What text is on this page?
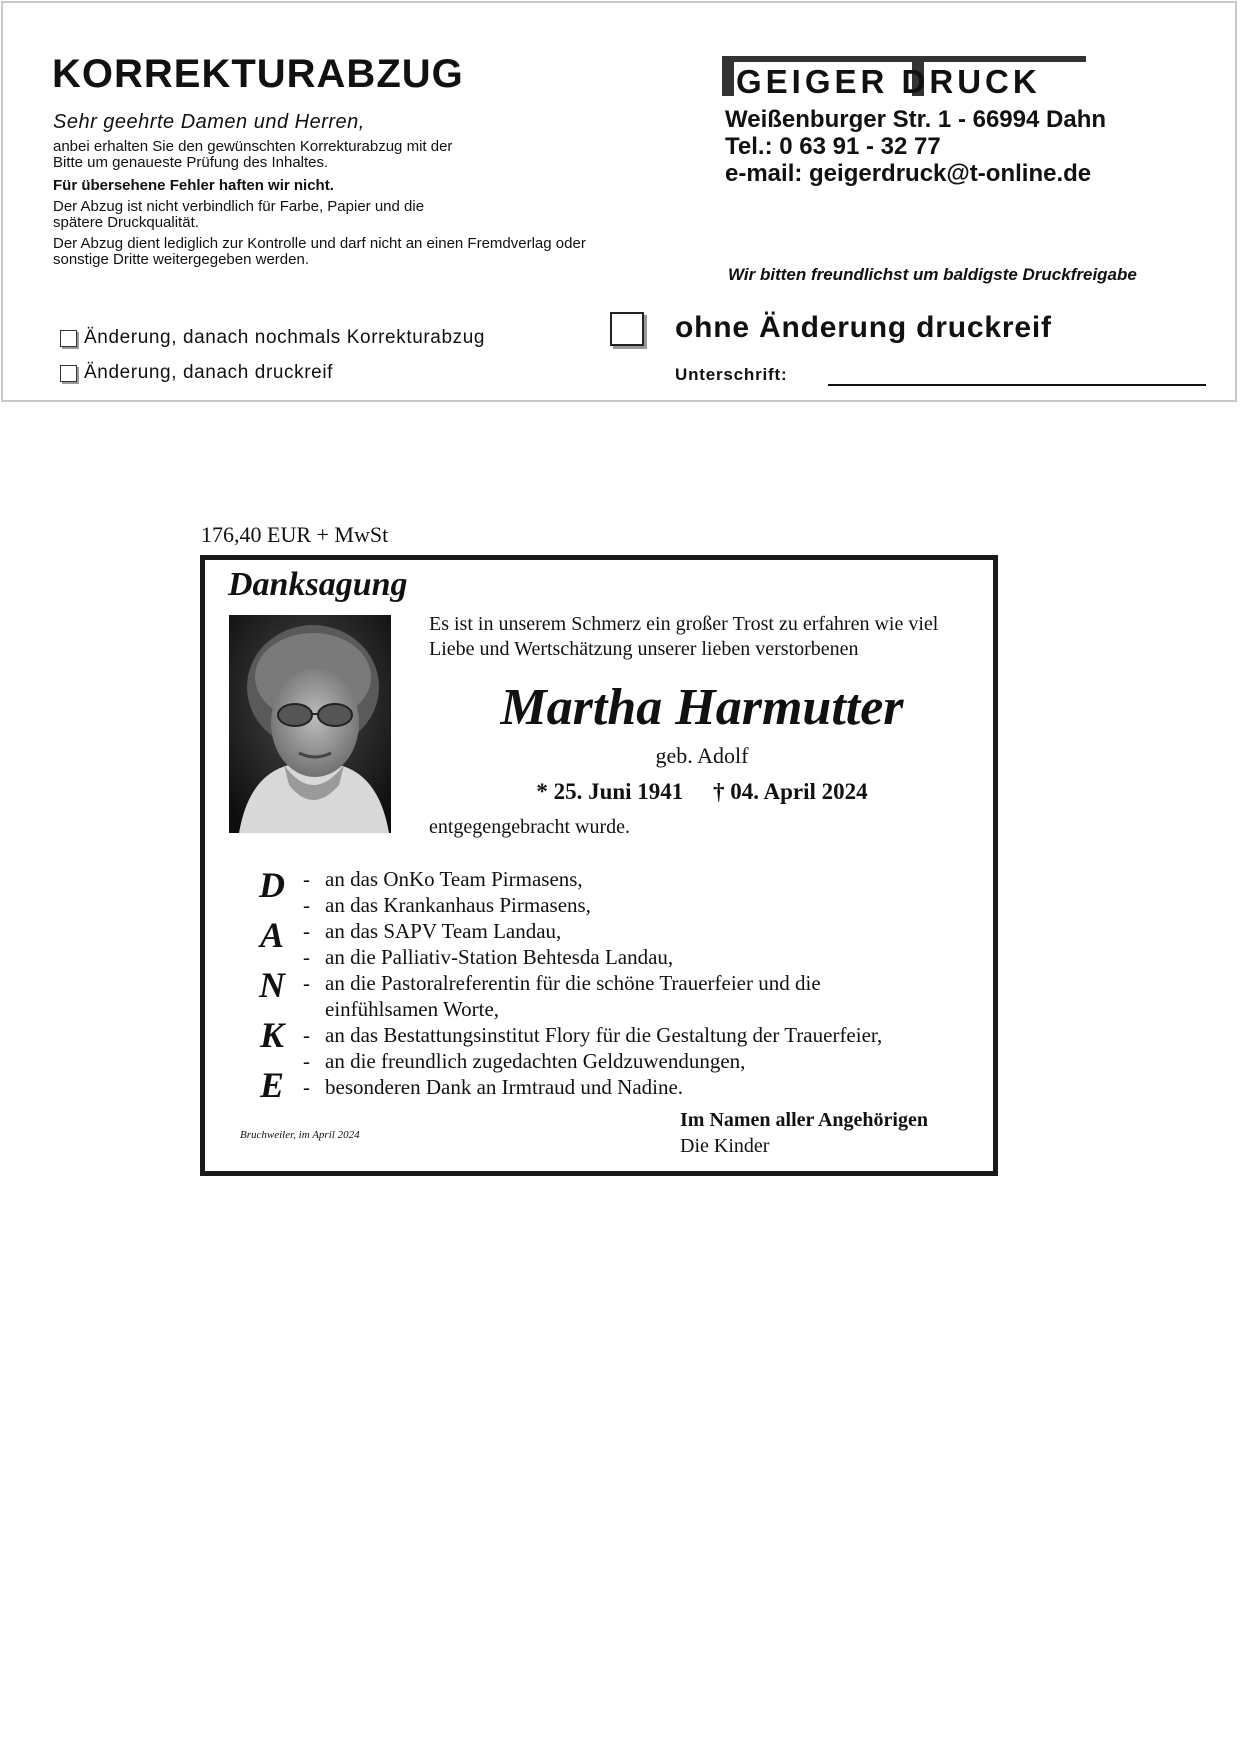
KORREKTURABZUG
Sehr geehrte Damen und Herren,
anbei erhalten Sie den gewünschten Korrekturabzug mit der Bitte um genaueste Prüfung des Inhaltes.
Für übersehene Fehler haften wir nicht.
Der Abzug ist nicht verbindlich für Farbe, Papier und die spätere Druckqualität.
Der Abzug dient lediglich zur Kontrolle und darf nicht an einen Fremdverlag oder sonstige Dritte weitergegeben werden.
Änderung, danach nochmals Korrekturabzug
Änderung, danach druckreif
ohne Änderung druckreif
Unterschrift:
GEIGER DRUCK
Weißenburger Str. 1 - 66994 Dahn
Tel.: 0 63 91 - 32 77
e-mail: geigerdruck@t-online.de
Wir bitten freundlichst um baldigste Druckfreigabe
176,40 EUR + MwSt
Danksagung
Es ist in unserem Schmerz ein großer Trost zu erfahren wie viel
Liebe und Wertschätzung unserer lieben verstorbenen
Martha Harmutter
geb. Adolf
* 25. Juni 1941 † 04. April 2024
entgegengebracht wurde.
D
A
N
K
E
- an das OnKo Team Pirmasens,
- an das Krankanhaus Pirmasens,
- an das SAPV Team Landau,
- an die Palliativ-Station Behtesda Landau,
- an die Pastoralreferentin für die schöne Trauerfeier und die einfühlsamen Worte,
- an das Bestattungsinstitut Flory für die Gestaltung der Trauerfeier,
- an die freundlich zugedachten Geldzuwendungen,
- besonderen Dank an Irmtraud und Nadine.
Bruchweiler, im April 2024
Im Namen aller Angehörigen
Die Kinder
